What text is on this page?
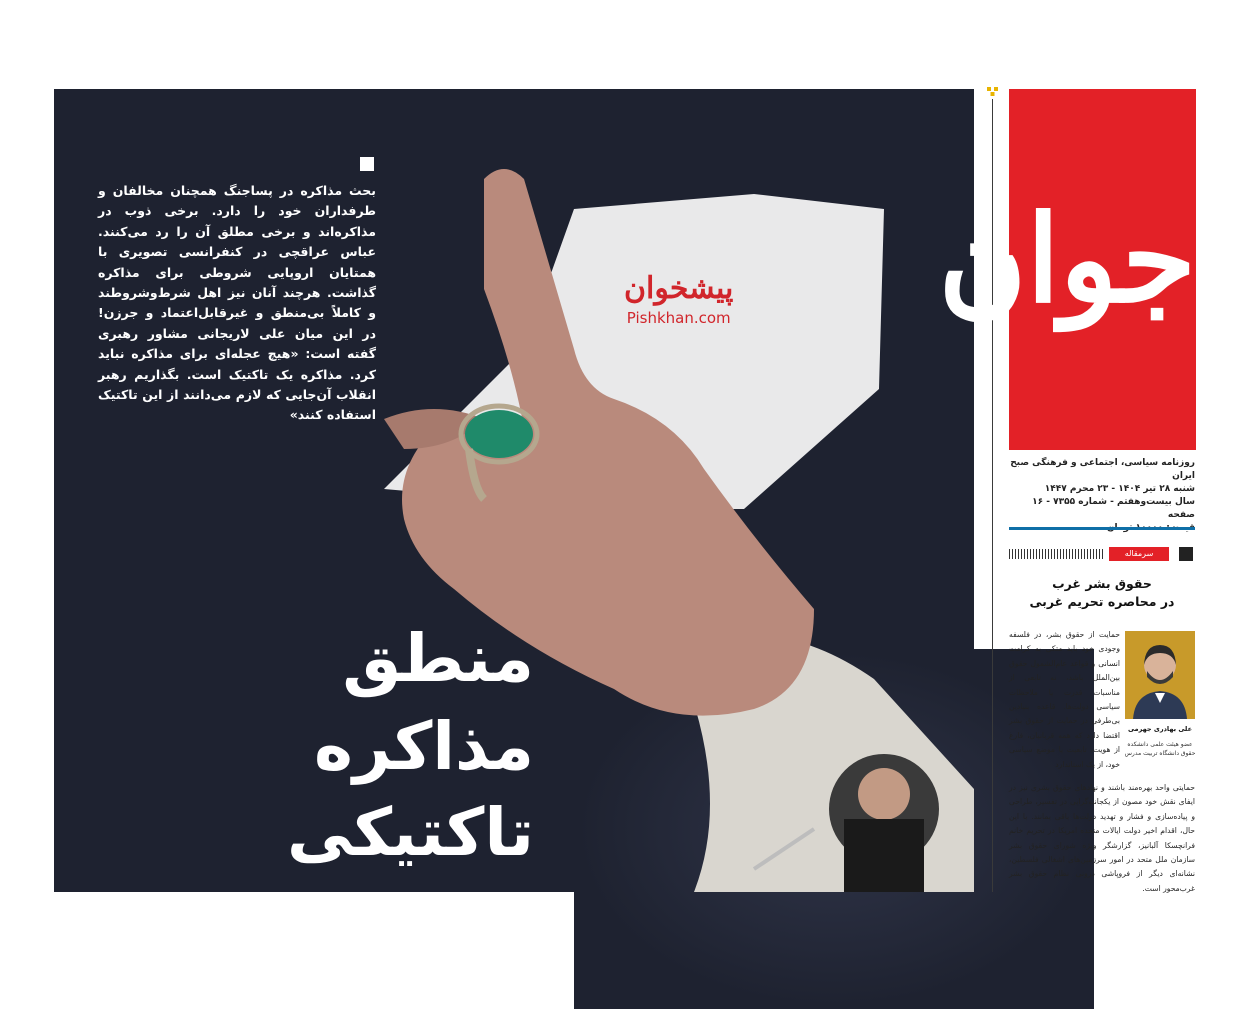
بحث مذاکره در پساجنگ همچنان مخالفان و طرفداران خود را دارد. برخی ذوب در مذاکره‌اند و برخی مطلق آن را رد می‌کنند. عباس عراقچی در کنفرانسی تصویری با همتایان اروپایی شروطی برای مذاکره گذاشت. هرچند آنان نیز اهل شرط‌وشروطند و کاملاً بی‌منطق و غیرقابل‌اعتماد و جرزن! در این میان علی لاریجانی مشاور رهبری گفته است: «هیچ عجله‌ای برای مذاکره نباید کرد. مذاکره یک تاکتیک است. بگذاریم رهبر انقلاب آن‌جایی که لازم می‌دانند از این تاکتیک استفاده کنند»
پیشخوان
Pishkhan.com
منطق
مذاکره تاکتیکی
جوان
روزنامه سیاسی، اجتماعی و فرهنگی صبح ایران
شنبه ۲۸ تیر ۱۴۰۴ - ۲۳ محرم ۱۴۴۷
سال بیست‌وهفتم - شماره ۷۳۵۵ - ۱۶ صفحه
سرمقاله
حقوق بشر غرب
در محاصره تحریم غربی
علی بهادری جهرمی
عضو هیئت علمی دانشکده حقوق دانشگاه تربیت مدرس
حمایت از حقوق بشر، در فلسفه وجودی خود باید متکی به کرامت انسانی و قواعد عام‌الشمول حقوق بین‌الملل باشد، نه تابعی از مناسبات قدرت یا ملاحظات سیاسی دولت‌ها. قاعده بنیادین بی‌طرفی در حمایت از حقوق بشر اقتضا دارد که همه قربانیان، فارغ از هویت، تابعیت یا موضع سیاسی خود، از یک استاندارد
حمایتی واحد بهره‌مند باشند و نهادهای حقوق بشری نیز در ایفای نقش خود مصون از یکجانبه‌گرایی در تفسیر، طراحی و پیاده‌سازی و فشار و تهدید دولت‌ها باقی بمانند. با این حال، اقدام اخیر دولت ایالات متحده امریکا در تحریم خانم فرانچسکا آلبانیز، گزارشگر ویژه شورای حقوق بشر سازمان ملل متحد در امور سرزمین‌های اشغالی فلسطین، نشانه‌ای دیگر از فروپاشی درونی نظام حقوق بشر غرب‌محور است.
